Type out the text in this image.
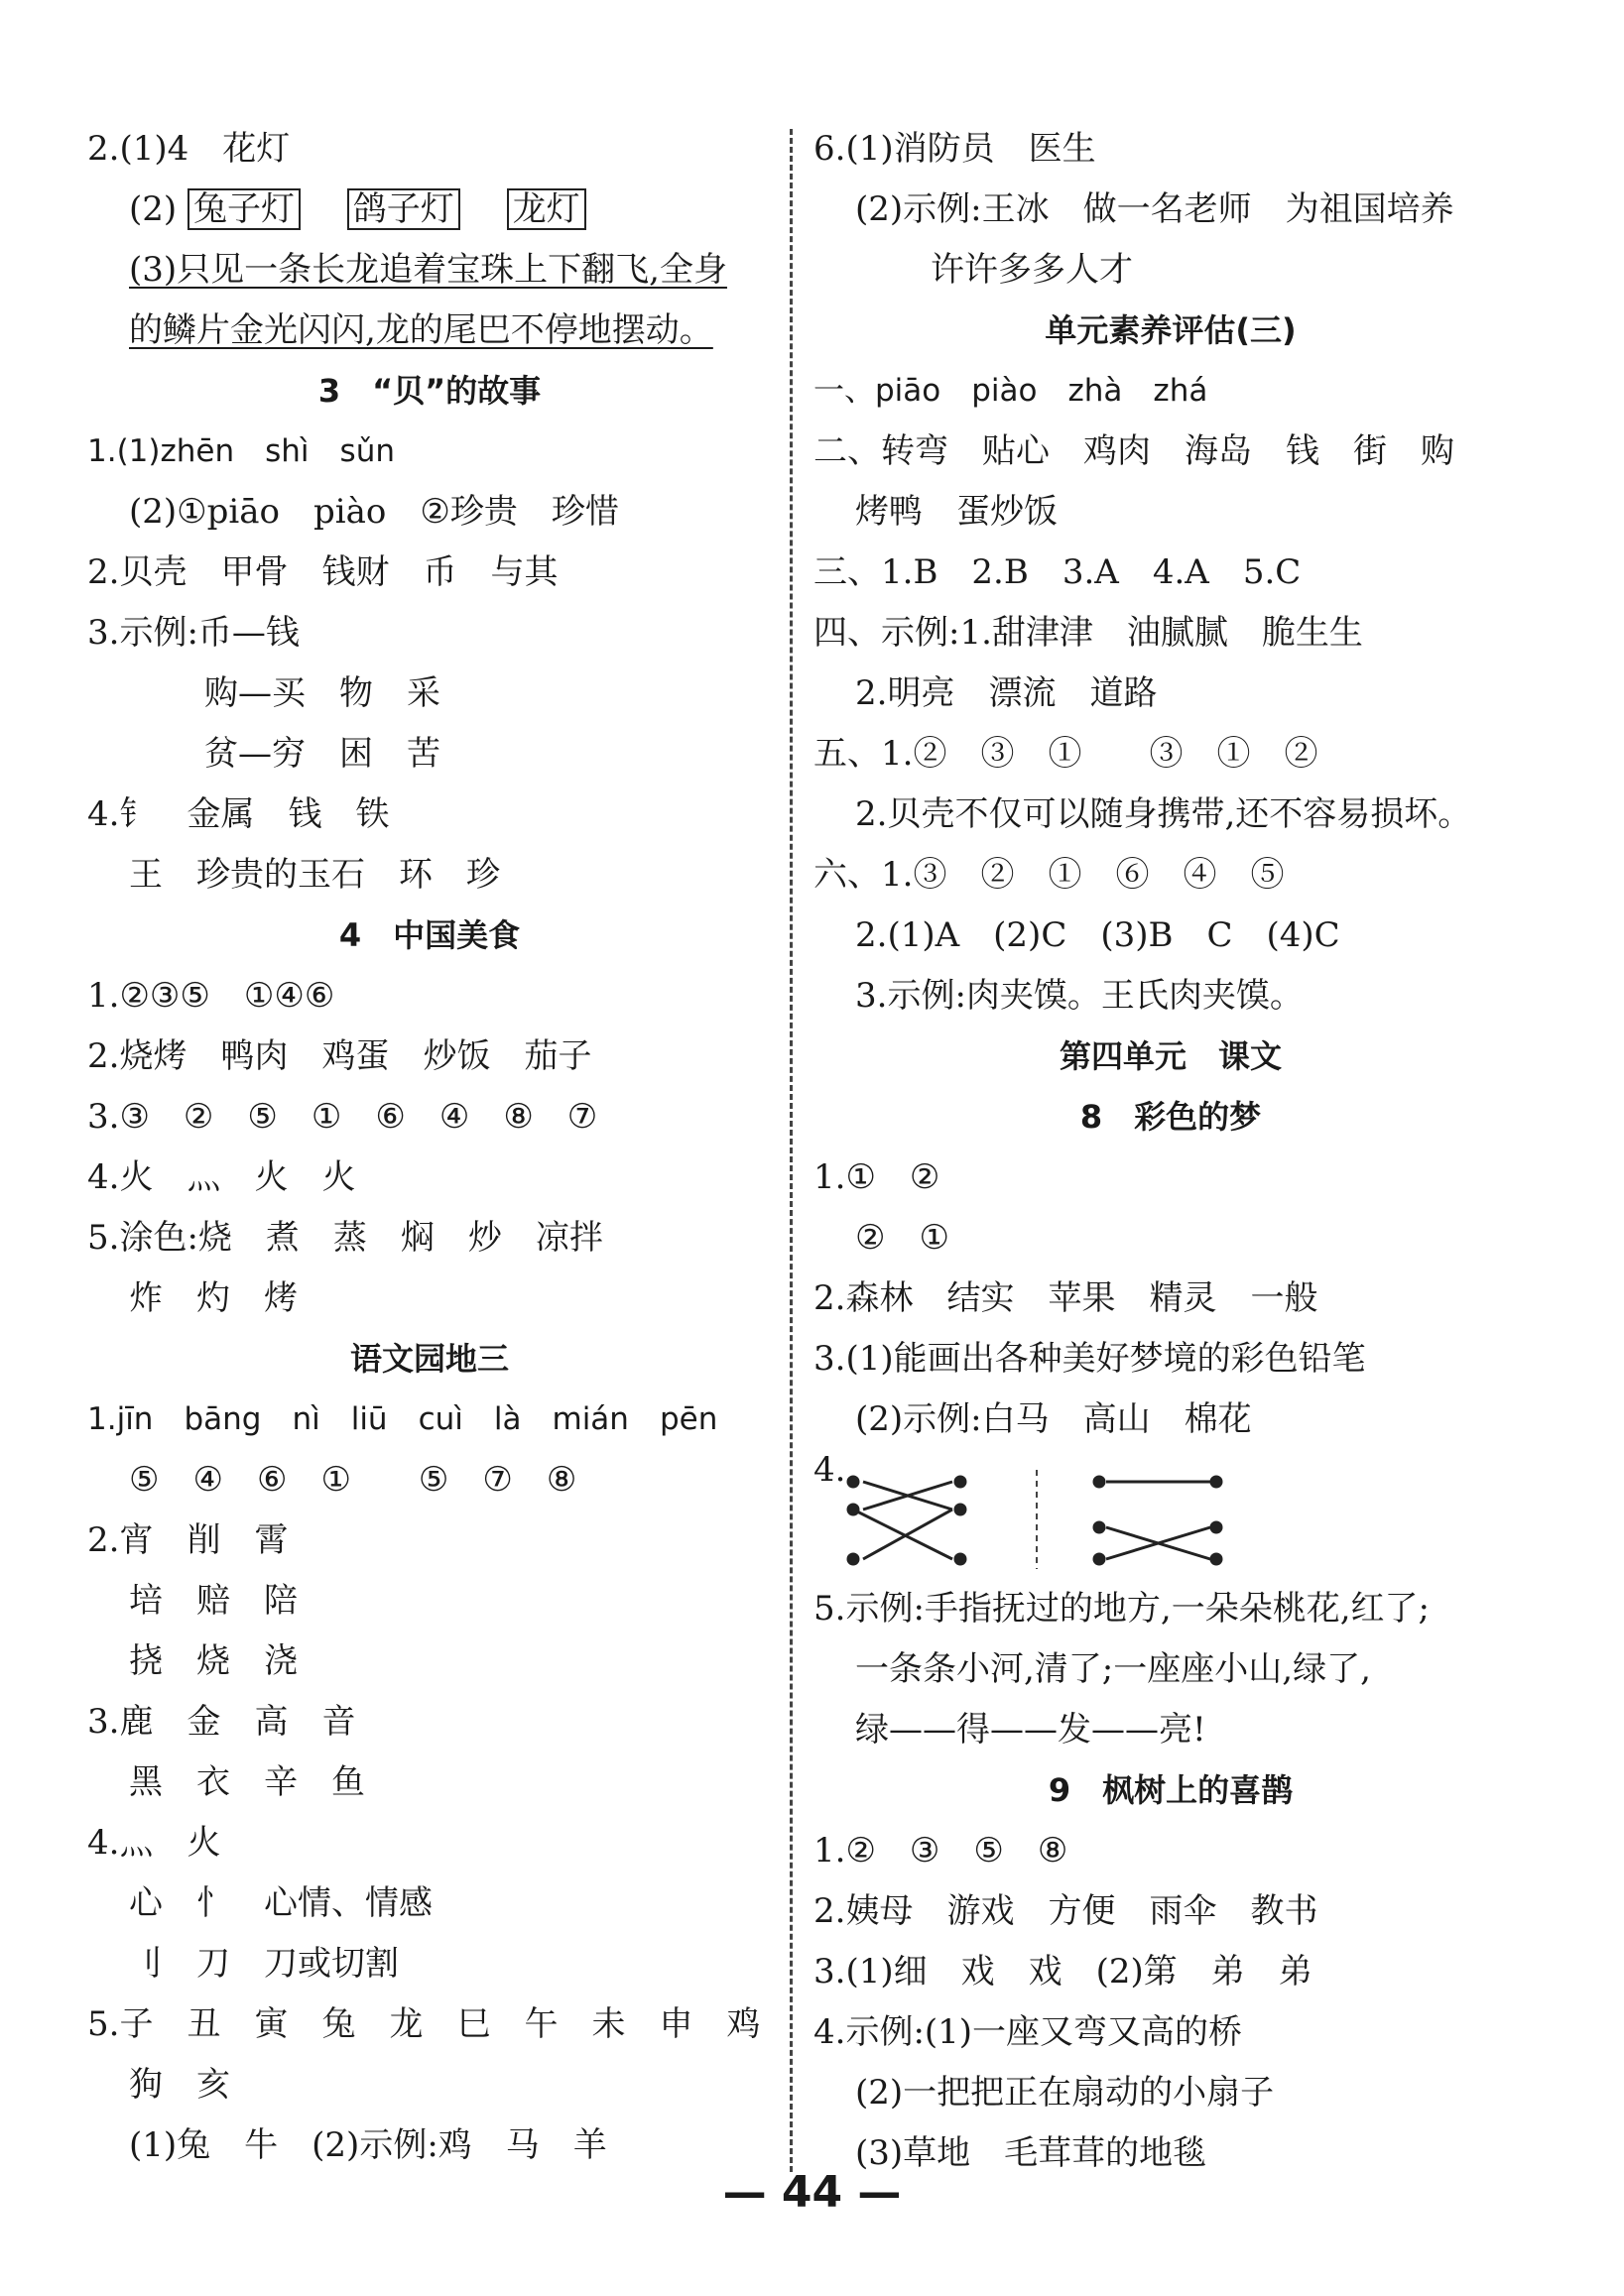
2.(1)4　花灯
(2) 兔子灯 鸽子灯 龙灯
(3)只见一条长龙追着宝珠上下翻飞,全身
的鳞片金光闪闪,龙的尾巴不停地摆动。
3　“贝”的故事
1.(1)zhēn　shì　sǔn
(2)①piāo　piào　②珍贵　珍惜
2.贝壳　甲骨　钱财　币　与其
3.示例:币—钱
购—买　物　采
贫—穷　困　苦
4.钅　金属　钱　铁
王　珍贵的玉石　环　珍
4　中国美食
1.②③⑤　①④⑥
2.烧烤　鸭肉　鸡蛋　炒饭　茄子
3.③　②　⑤　①　⑥　④　⑧　⑦
4.火　灬　火　火
5.涂色:烧　煮　蒸　焖　炒　凉拌
炸　灼　烤
语文园地三
1.jīn　bāng　nì　liū　cuì　là　mián　pēn
⑤　④　⑥　①　　⑤　⑦　⑧
2.宵　削　霄
培　赔　陪
挠　烧　浇
3.鹿　金　高　音
黑　衣　辛　鱼
4.灬　火
心　忄　心情、情感
刂　刀　刀或切割
5.子　丑　寅　兔　龙　巳　午　未　申　鸡
狗　亥
(1)兔　牛　(2)示例:鸡　马　羊
6.(1)消防员　医生
(2)示例:王冰　做一名老师　为祖国培养
许许多多人才
单元素养评估(三)
一、piāo　piào　zhà　zhá
二、转弯　贴心　鸡肉　海岛　钱　街　购
烤鸭　蛋炒饭
三、1.B　2.B　3.A　4.A　5.C
四、示例:1.甜津津　油腻腻　脆生生
2.明亮　漂流　道路
五、1.②　③　①　　③　①　②
2.贝壳不仅可以随身携带,还不容易损坏。
六、1.③　②　①　⑥　④　⑤
2.(1)A　(2)C　(3)B　C　(4)C
3.示例:肉夹馍。王氏肉夹馍。
第四单元　课文
8　彩色的梦
1.①　②
②　①
2.森林　结实　苹果　精灵　一般
3.(1)能画出各种美好梦境的彩色铅笔
(2)示例:白马　高山　棉花
4.
5.示例:手指抚过的地方,一朵朵桃花,红了;
一条条小河,清了;一座座小山,绿了,
绿——得——发——亮!
9　枫树上的喜鹊
1.②　③　⑤　⑧
2.姨母　游戏　方便　雨伞　教书
3.(1)细　戏　戏　(2)第　弟　弟
4.示例:(1)一座又弯又高的桥
(2)一把把正在扇动的小扇子
(3)草地　毛茸茸的地毯
— 44 —
